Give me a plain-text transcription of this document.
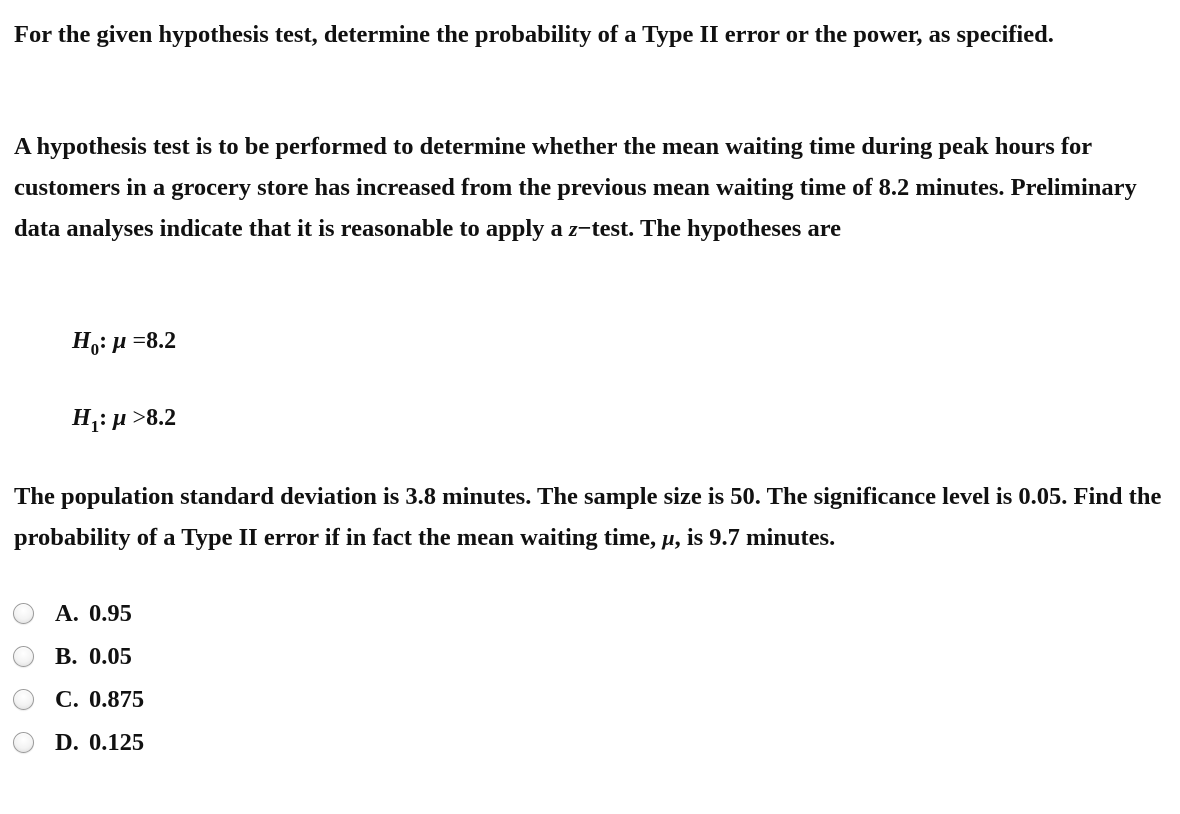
For the given hypothesis test, determine the probability of a Type II error or the power, as specified.

A hypothesis test is to be performed to determine whether the mean waiting time during peak hours for customers in a grocery store has increased from the previous mean waiting time of 8.2 minutes. Preliminary data analyses indicate that it is reasonable to apply a z−test. The hypotheses are

$H_0$: μ =8.2
$H_1$: μ >8.2

The population standard deviation is 3.8 minutes. The sample size is 50. The significance level is 0.05. Find the probability of a Type II error if in fact the mean waiting time, μ, is 9.7 minutes.

A. 0.95
B. 0.05
C. 0.875
D. 0.125
